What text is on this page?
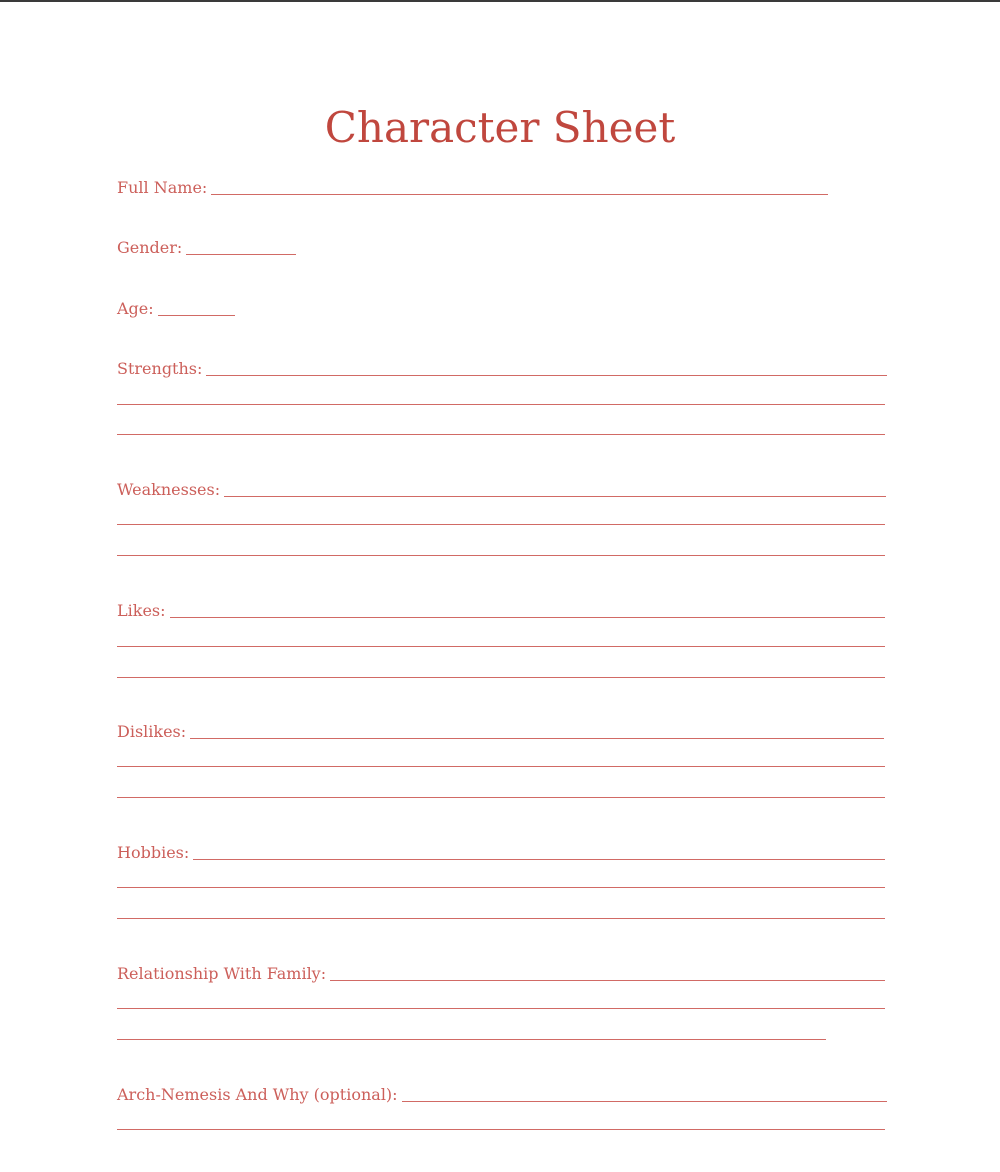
Character Sheet
Full Name:
Gender:
Age:
Strengths:
Weaknesses:
Likes:
Dislikes:
Hobbies:
Relationship With Family:
Arch-Nemesis And Why (optional):
